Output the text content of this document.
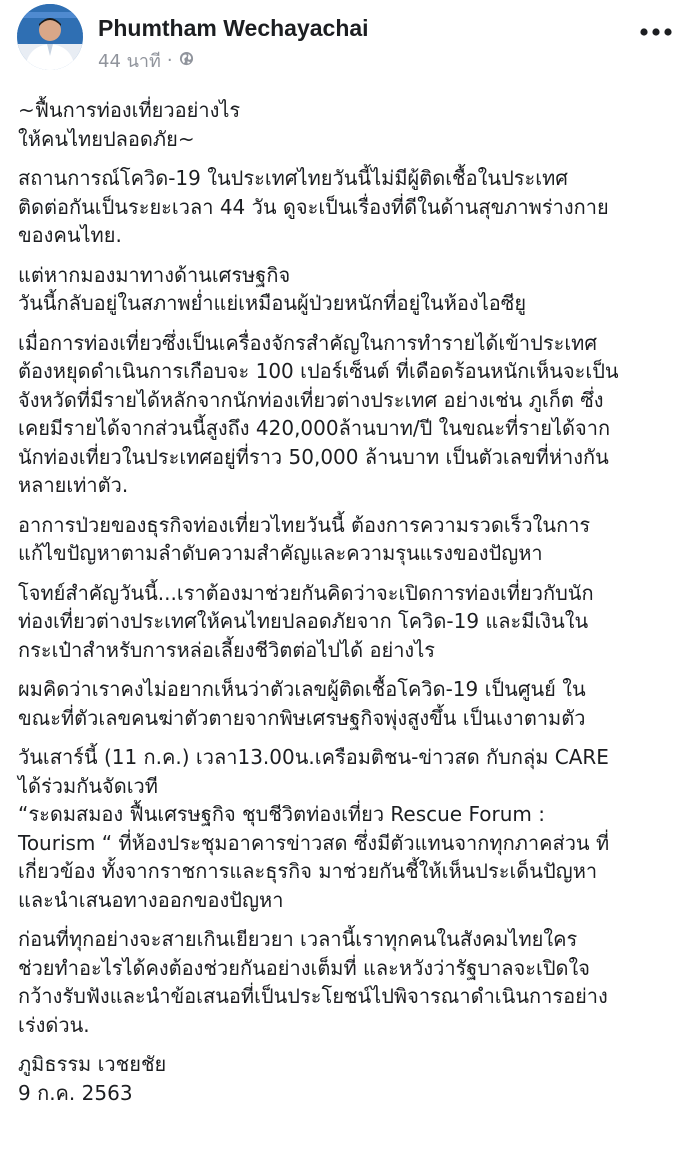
Phumtham Wechayachai
44 นาที ·

~ฟื้นการท่องเที่ยวอย่างไร
ให้คนไทยปลอดภัย~

สถานการณ์โควิด-19 ในประเทศไทยวันนี้ไม่มีผู้ติดเชื้อในประเทศ
ติดต่อกันเป็นระยะเวลา 44 วัน ดูจะเป็นเรื่องที่ดีในด้านสุขภาพร่างกาย
ของคนไทย.

แต่หากมองมาทางด้านเศรษฐกิจ
วันนี้กลับอยู่ในสภาพย่ำแย่เหมือนผู้ป่วยหนักที่อยู่ในห้องไอซียู

เมื่อการท่องเที่ยวซึ่งเป็นเครื่องจักรสำคัญในการทำรายได้เข้าประเทศ
ต้องหยุดดำเนินการเกือบจะ 100 เปอร์เซ็นต์ ที่เดือดร้อนหนักเห็นจะเป็น
จังหวัดที่มีรายได้หลักจากนักท่องเที่ยวต่างประเทศ อย่างเช่น ภูเก็ต ซึ่ง
เคยมีรายได้จากส่วนนี้สูงถึง 420,000ล้านบาท/ปี ในขณะที่รายได้จาก
นักท่องเที่ยวในประเทศอยู่ที่ราว 50,000 ล้านบาท เป็นตัวเลขที่ห่างกัน
หลายเท่าตัว.

อาการป่วยของธุรกิจท่องเที่ยวไทยวันนี้ ต้องการความรวดเร็วในการ
แก้ไขปัญหาตามลำดับความสำคัญและความรุนแรงของปัญหา

โจทย์สำคัญวันนี้...เราต้องมาช่วยกันคิดว่าจะเปิดการท่องเที่ยวกับนัก
ท่องเที่ยวต่างประเทศให้คนไทยปลอดภัยจาก โควิด-19 และมีเงินใน
กระเป๋าสำหรับการหล่อเลี้ยงชีวิตต่อไปได้ อย่างไร

ผมคิดว่าเราคงไม่อยากเห็นว่าตัวเลขผู้ติดเชื้อโควิด-19 เป็นศูนย์ ใน
ขณะที่ตัวเลขคนฆ่าตัวตายจากพิษเศรษฐกิจพุ่งสูงขึ้น เป็นเงาตามตัว

วันเสาร์นี้ (11 ก.ค.) เวลา13.00น.เครือมติชน-ข่าวสด กับกลุ่ม CARE
ได้ร่วมกันจัดเวที
“ระดมสมอง ฟื้นเศรษฐกิจ ชุบชีวิตท่องเที่ยว Rescue Forum :
Tourism “ ที่ห้องประชุมอาคารข่าวสด ซึ่งมีตัวแทนจากทุกภาคส่วน ที่
เกี่ยวข้อง ทั้งจากราชการและธุรกิจ มาช่วยกันชี้ให้เห็นประเด็นปัญหา
และนำเสนอทางออกของปัญหา

ก่อนที่ทุกอย่างจะสายเกินเยียวยา เวลานี้เราทุกคนในสังคมไทยใคร
ช่วยทำอะไรได้คงต้องช่วยกันอย่างเต็มที่ และหวังว่ารัฐบาลจะเปิดใจ
กว้างรับฟังและนำข้อเสนอที่เป็นประโยชน์ไปพิจารณาดำเนินการอย่าง
เร่งด่วน.

ภูมิธรรม เวชยชัย
9 ก.ค. 2563
